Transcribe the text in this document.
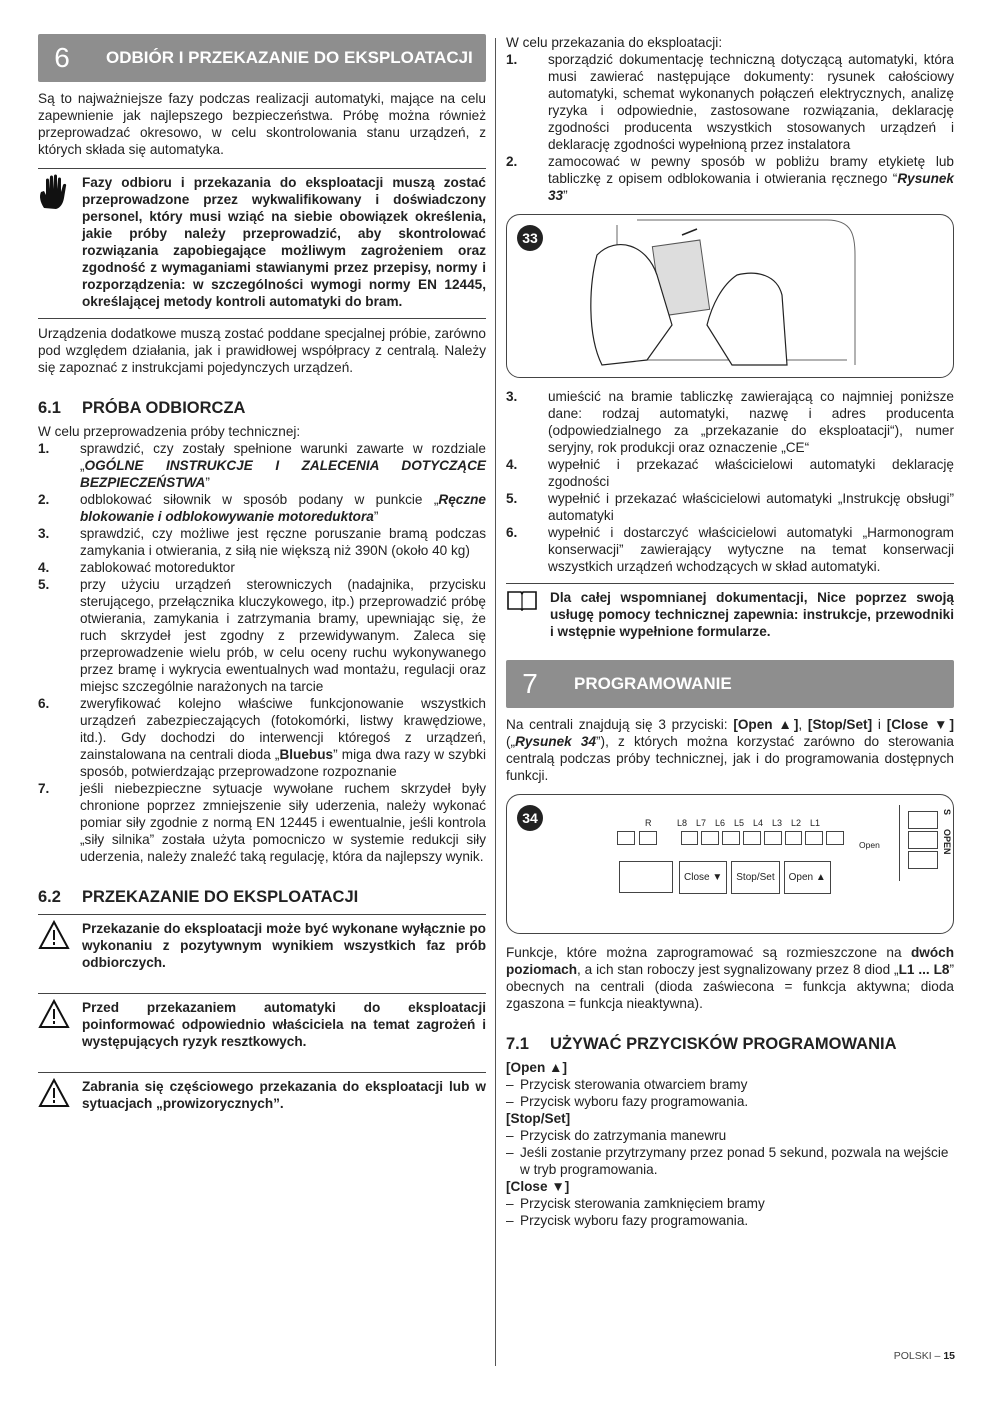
6	ODBIÓR I PRZEKAZANIE DO EKSPLOATACJI

Są to najważniejsze fazy podczas realizacji automatyki, mające na celu zapewnienie jak najlepszego bezpieczeństwa. Próbę można również przeprowadzać okresowo, w celu skontrolowania stanu urządzeń, z których składa się automatyka.

Fazy odbioru i przekazania do eksploatacji muszą zostać przeprowadzone przez wykwalifikowany i doświadczony personel, który musi wziąć na siebie obowiązek określenia, jakie próby należy przeprowadzić, aby skontrolować rozwiązania zapobiegające możliwym zagrożeniem oraz zgodność z wymaganiami stawianymi przez przepisy, normy i rozporządzenia: w szczególności wymogi normy EN 12445, określającej metody kontroli automatyki do bram.

Urządzenia dodatkowe muszą zostać poddane specjalnej próbie, zarówno pod względem działania, jak i prawidłowej współpracy z centralą. Należy się zapoznać z instrukcjami pojedynczych urządzeń.

6.1	PRÓBA ODBIORCZA

W celu przeprowadzenia próby technicznej:

1.	sprawdzić, czy zostały spełnione warunki zawarte w rozdziale „OGÓLNE INSTRUKCJE I ZALECENIA DOTYCZĄCE BEZPIECZEŃSTWA”
2.	odblokować siłownik w sposób podany w punkcie „Ręczne blokowanie i odblokowywanie motoreduktora”
3.	sprawdzić, czy możliwe jest ręczne poruszanie bramą podczas zamykania i otwierania, z siłą nie większą niż 390N (około 40 kg)
4.	zablokować motoreduktor
5.	przy użyciu urządzeń sterowniczych (nadajnika, przycisku sterującego, przełącznika kluczykowego, itp.) przeprowadzić próbę otwierania, zamykania i zatrzymania bramy, upewniając się, że ruch skrzydeł jest zgodny z przewidywanym. Zaleca się przeprowadzenie wielu prób, w celu oceny ruchu wykonywanego przez bramę i wykrycia ewentualnych wad montażu, regulacji oraz miejsc szczególnie narażonych na tarcie
6.	zweryfikować kolejno właściwe funkcjonowanie wszystkich urządzeń zabezpieczających (fotokomórki, listwy krawędziowe, itd.). Gdy dochodzi do interwencji któregoś z urządzeń, zainstalowana na centrali dioda „Bluebus” miga dwa razy w szybki sposób, potwierdzając przeprowadzone rozpoznanie
7.	jeśli niebezpieczne sytuacje wywołane ruchem skrzydeł były chronione poprzez zmniejszenie siły uderzenia, należy wykonać pomiar siły zgodnie z normą EN 12445 i ewentualnie, jeśli kontrola „siły silnika” została użyta pomocniczo w systemie redukcji siły uderzenia, należy znaleźć taką regulację, która da najlepszy wynik.
6.2	PRZEKAZANIE DO EKSPLOATACJI
Przekazanie do eksploatacji może być wykonane wyłącznie po wykonaniu z pozytywnym wynikiem wszystkich faz prób odbiorczych.
Przed przekazaniem automatyki do eksploatacji poinformować odpowiednio właściciela na temat zagrożeń i występujących ryzyk resztkowych.
Zabrania się częściowego przekazania do eksploatacji lub w sytuacjach „prowizorycznych”.

W celu przekazania do eksploatacji:

1.	sporządzić dokumentację techniczną dotyczącą automatyki, która musi zawierać następujące dokumenty: rysunek całościowy automatyki, schemat wykonanych połączeń elektrycznych, analizę ryzyka i odpowiednie, zastosowane rozwiązania, deklarację zgodności producenta wszystkich stosowanych urządzeń i deklarację zgodności wypełnioną przez instalatora
2.	zamocować w pewny sposób w pobliżu bramy etykietę lub tabliczkę z opisem odblokowania i otwierania ręcznego “Rysunek 33”
33
3.	umieścić na bramie tabliczkę zawierającą co najmniej poniższe dane: rodzaj automatyki, nazwę i adres producenta (odpowiedzialnego za „przekazanie do eksploatacji“), numer seryjny, rok produkcji oraz oznaczenie „CE“
4.	wypełnić i przekazać właścicielowi automatyki deklarację zgodności
5.	wypełnić i przekazać właścicielowi automatyki „Instrukcję obsługi” automatyki
6.	wypełnić i dostarczyć właścicielowi automatyki „Harmonogram konserwacji” zawierający wytyczne na temat konserwacji wszystkich urządzeń wchodzących w skład automatyki.
Dla całej wspomnianej dokumentacji, Nice poprzez swoją usługę pomocy technicznej zapewnia: instrukcje, przewodniki i wstępnie wypełnione formularze.
7	PROGRAMOWANIE

Na centrali znajdują się 3 przyciski: [Open ▲], [Stop/Set] i [Close ▼] („Rysunek 34”), z których można korzystać zarówno do sterowania centralą podczas próby technicznej, jak i do programowania dostępnych funkcji.

34	R	L8 L7 L6 L5 L4 L3 L2 L1
Close ▼	Stop/Set	Open ▲
Open
S
OPEN

Funkcje, które można zaprogramować są rozmieszczone na dwóch poziomach, a ich stan roboczy jest sygnalizowany przez 8 diod „L1 ... L8” obecnych na centrali (dioda zaświecona = funkcja aktywna; dioda zgaszona = funkcja nieaktywna).

7.1	UŻYWAĆ PRZYCISKÓW PROGRAMOWANIA
[Open ▲]
– Przycisk sterowania otwarciem bramy
– Przycisk wyboru fazy programowania.
[Stop/Set]
– Przycisk do zatrzymania manewru
– Jeśli zostanie przytrzymany przez ponad 5 sekund, pozwala na wejście w tryb programowania.
[Close ▼]
– Przycisk sterowania zamknięciem bramy
– Przycisk wyboru fazy programowania.
POLSKI – 15
